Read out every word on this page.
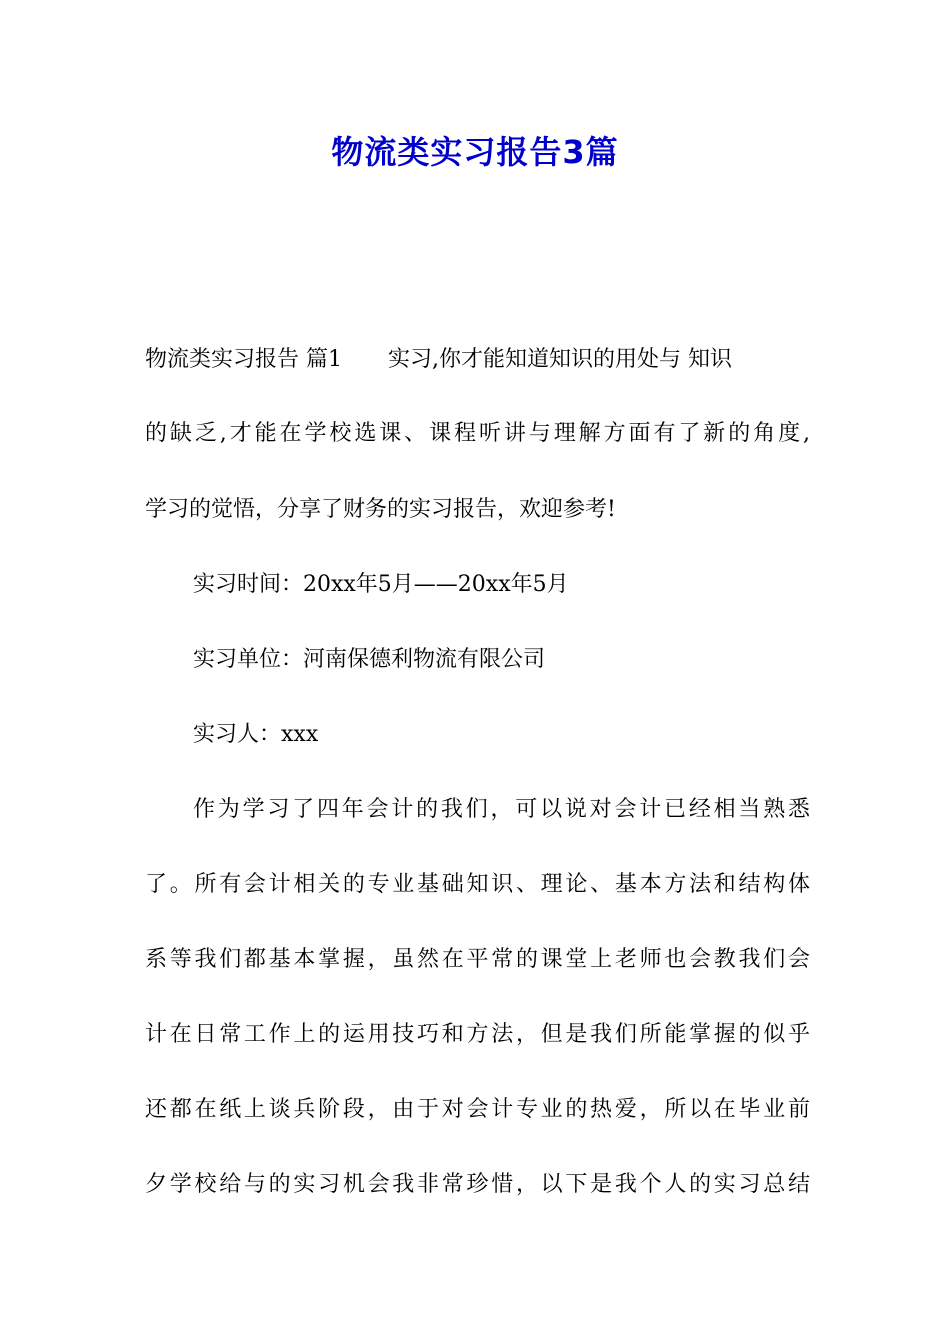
物流类实习报告3篇
物流类实习报告 篇1 实习,你才能知道知识的用处与 知识
的缺乏,才能在学校选课、课程听讲与理解方面有了新的角度,
学习的觉悟，分享了财务的实习报告，欢迎参考!
实习时间：20xx年5月——20xx年5月
实习单位：河南保德利物流有限公司
实习人：xxx
作为学习了四年会计的我们，可以说对会计已经相当熟悉
了。所有会计相关的专业基础知识、理论、基本方法和结构体
系等我们都基本掌握，虽然在平常的课堂上老师也会教我们会
计在日常工作上的运用技巧和方法，但是我们所能掌握的似乎
还都在纸上谈兵阶段，由于对会计专业的热爱，所以在毕业前
夕学校给与的实习机会我非常珍惜，以下是我个人的实习总结
